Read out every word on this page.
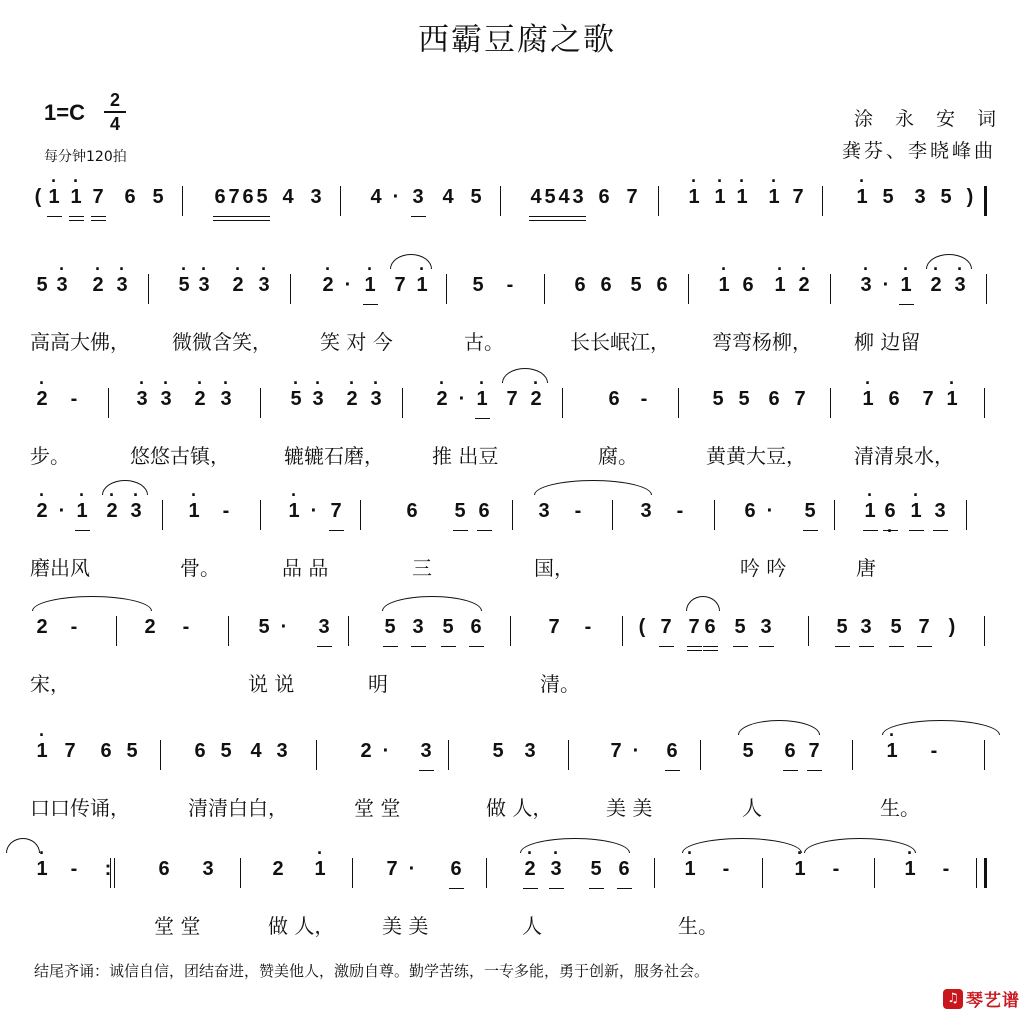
西霸豆腐之歌
1=C	2
4
每分钟120拍
涂永安词
龚芬、李晓峰曲
( · 1 · 1 7 6 5	6 7 6 5 4 3 4 · 3 4 5 4 5 4 3 6 7	· 1 · 1 · 1 · 1 7	· 1 5 3 5 )
5 · 3 · 2 · 3	· 5 · 3 · 2 · 3	· 2 · · 1 7 · 1 5 -	6 6 5 6	· 1 6 · 1 · 2	· 3 · · 1 · 2 · 3
高高大佛， 微微含笑， 笑 对 今	古。	长长岷江， 弯弯杨柳， 柳 边留
· 2 -	· 3 · 3 · 2 · 3	· 5 · 3 · 2 · 3	· 2 · · 1 7 · 2	6 -	5 5 6 7	· 1 6 7 · 1
步。	悠悠古镇，	辘辘石磨， 推 出豆	腐。	黄黄大豆， 清清泉水，
· 2 · · 1 · 2 · 3 · 1 -	· 1 · 7	6 5 6 3 -	3 -	6 · 5 · 1 6 · · 1 3
磨出风	骨。	品 品	三	国，	吟 吟	唐
2 -	2 -	5 · 3	5 3 5 6	7 - ( 7 7 6 5 3	5 3 5 7 )
宋，	说 说	明	清。
· 1 7 6 5	6 5 4 3	2 · 3	5 3	7 · 6	5 6 7	· 1 -
口口传诵，	清清白白，	堂 堂	做 人，	美 美	人	生。
· 1 - : 6 3	2 · 1	7 · 6	· 2 · 3 5 6	· 1 -	· 1 -	· 1 -
堂 堂	做 人， 美 美	人	生。
结尾齐诵：诚信自信，团结奋进，赞美他人，激励自尊。勤学苦练，一专多能，勇于创新，服务社会。
♫ 琴艺谱
